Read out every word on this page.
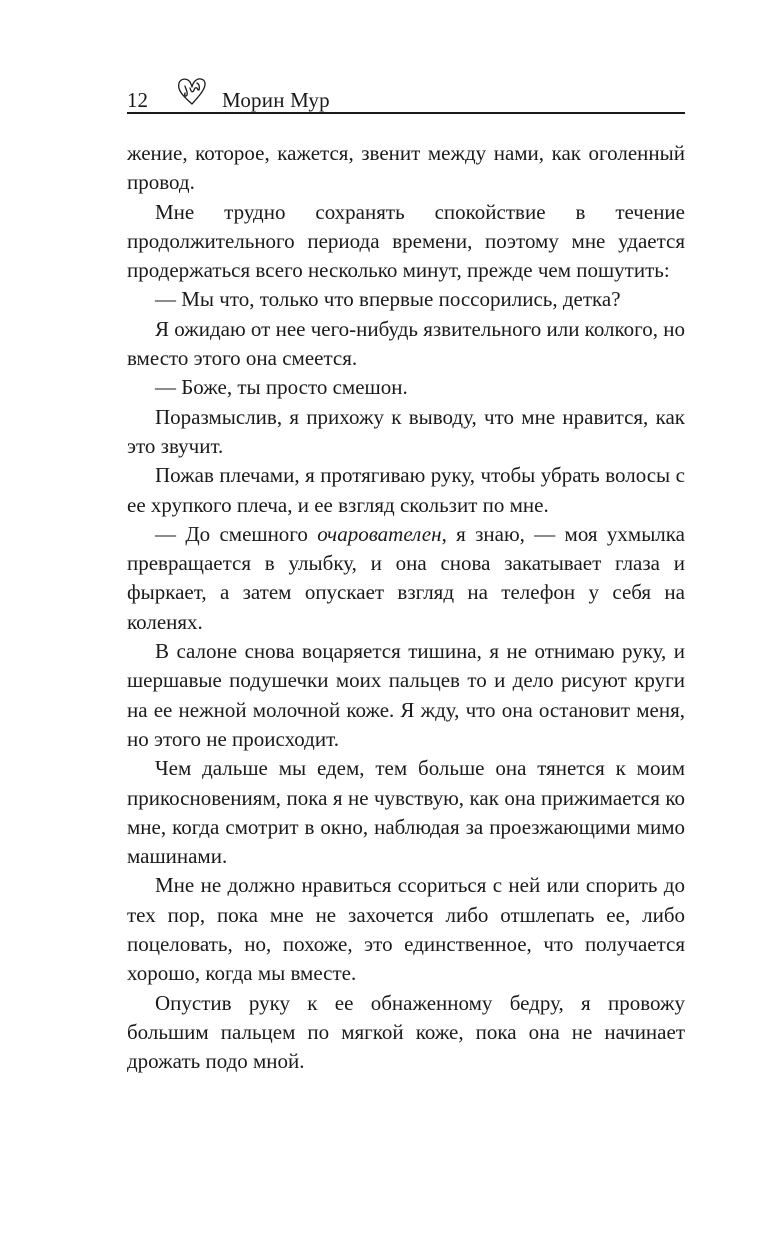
12	Морин Мур

жение, которое, кажется, звенит между нами, как оголенный провод.

Мне трудно сохранять спокойствие в течение продолжительного периода времени, поэтому мне удается продержаться всего несколько минут, прежде чем пошутить:

— Мы что, только что впервые поссорились, детка?

Я ожидаю от нее чего-нибудь язвительного или колкого, но вместо этого она смеется.

— Боже, ты просто смешон.

Поразмыслив, я прихожу к выводу, что мне нравится, как это звучит.

Пожав плечами, я протягиваю руку, чтобы убрать волосы с ее хрупкого плеча, и ее взгляд скользит по мне.

— До смешного очарователен, я знаю, — моя ухмылка превращается в улыбку, и она снова закатывает глаза и фыркает, а затем опускает взгляд на телефон у себя на коленях.

В салоне снова воцаряется тишина, я не отнимаю руку, и шершавые подушечки моих пальцев то и дело рисуют круги на ее нежной молочной коже. Я жду, что она остановит меня, но этого не происходит.

Чем дальше мы едем, тем больше она тянется к моим прикосновениям, пока я не чувствую, как она прижимается ко мне, когда смотрит в окно, наблюдая за проезжающими мимо машинами.

Мне не должно нравиться ссориться с ней или спорить до тех пор, пока мне не захочется либо отшлепать ее, либо поцеловать, но, похоже, это единственное, что получается хорошо, когда мы вместе.

Опустив руку к ее обнаженному бедру, я провожу большим пальцем по мягкой коже, пока она не начинает дрожать подо мной.
